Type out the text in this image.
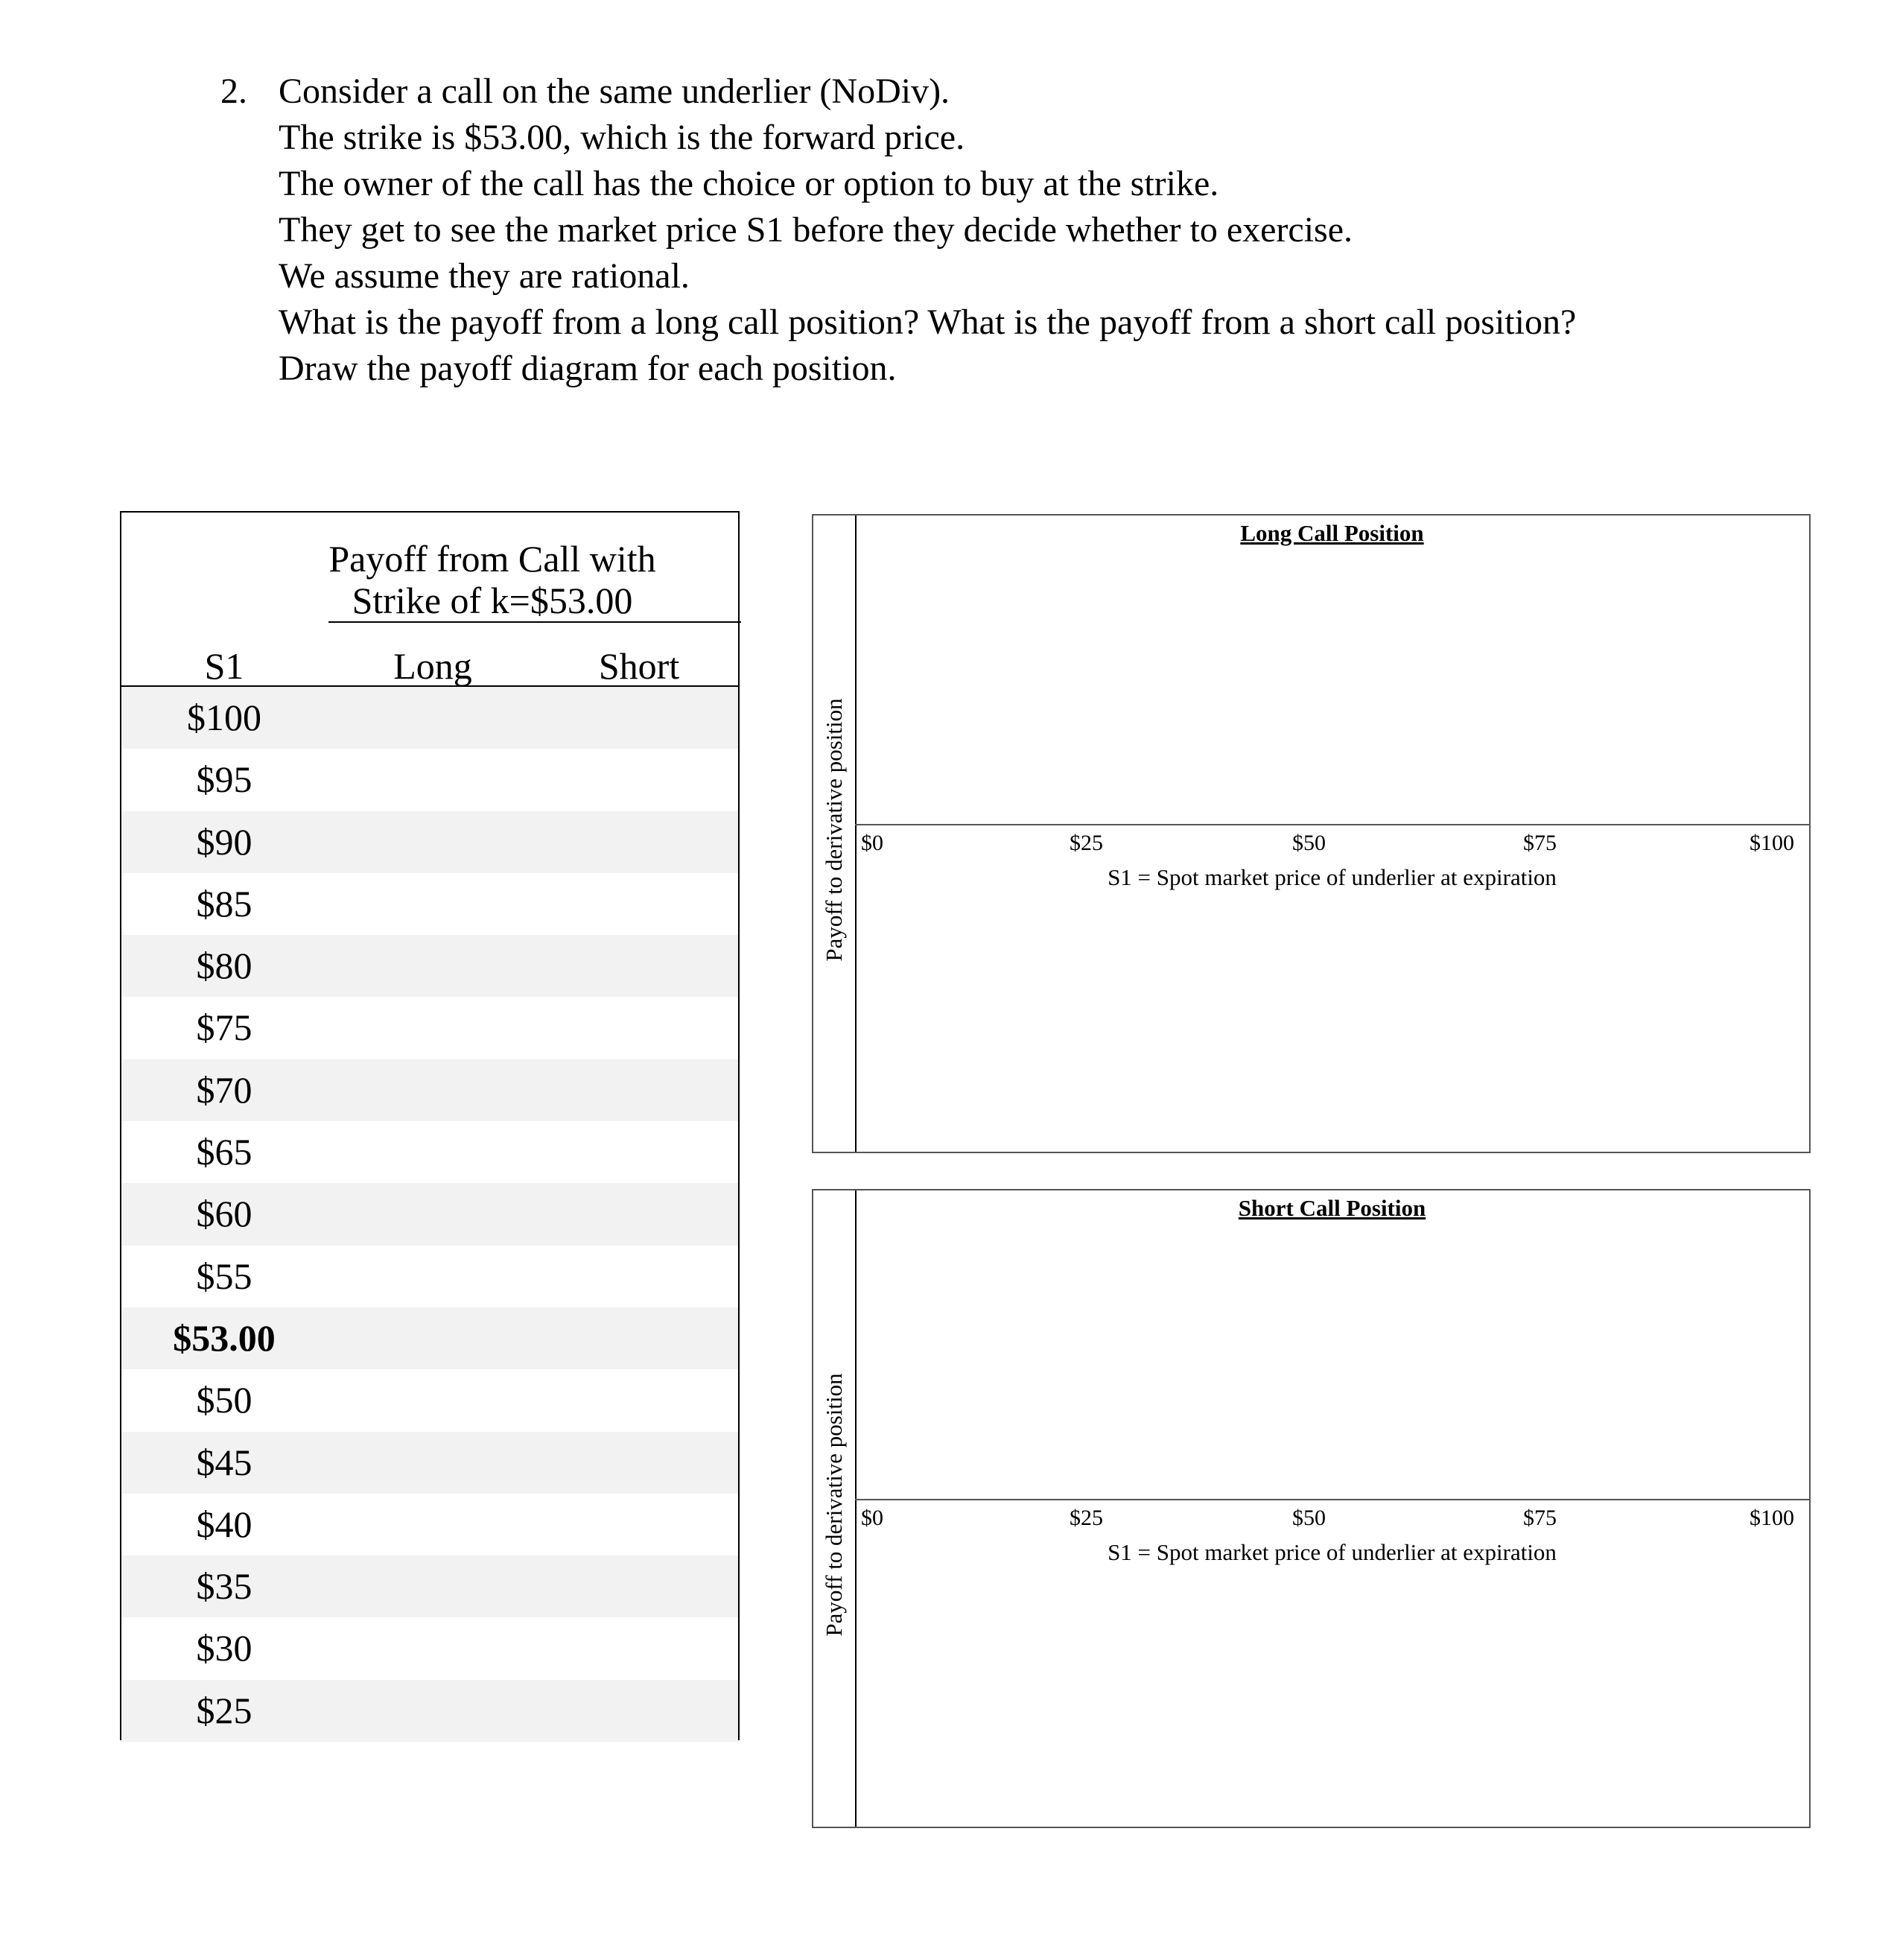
2. Consider a call on the same underlier (NoDiv).
The strike is $53.00, which is the forward price.
The owner of the call has the choice or option to buy at the strike.
They get to see the market price S1 before they decide whether to exercise.
We assume they are rational.
What is the payoff from a long call position? What is the payoff from a short call position?
Draw the payoff diagram for each position.
Payoff from Call with
Strike of k=$53.00
S1	Long	Short
$100
$95
$90
$85
$80
$75
$70
$65
$60
$55
$53.00
$50
$45
$40
$35
$30
$25
Payoff to derivative position
Long Call Position
$0	$25	$50	$75	$100
S1 = Spot market price of underlier at expiration
Payoff to derivative position
Short Call Position
$0	$25	$50	$75	$100
S1 = Spot market price of underlier at expiration
